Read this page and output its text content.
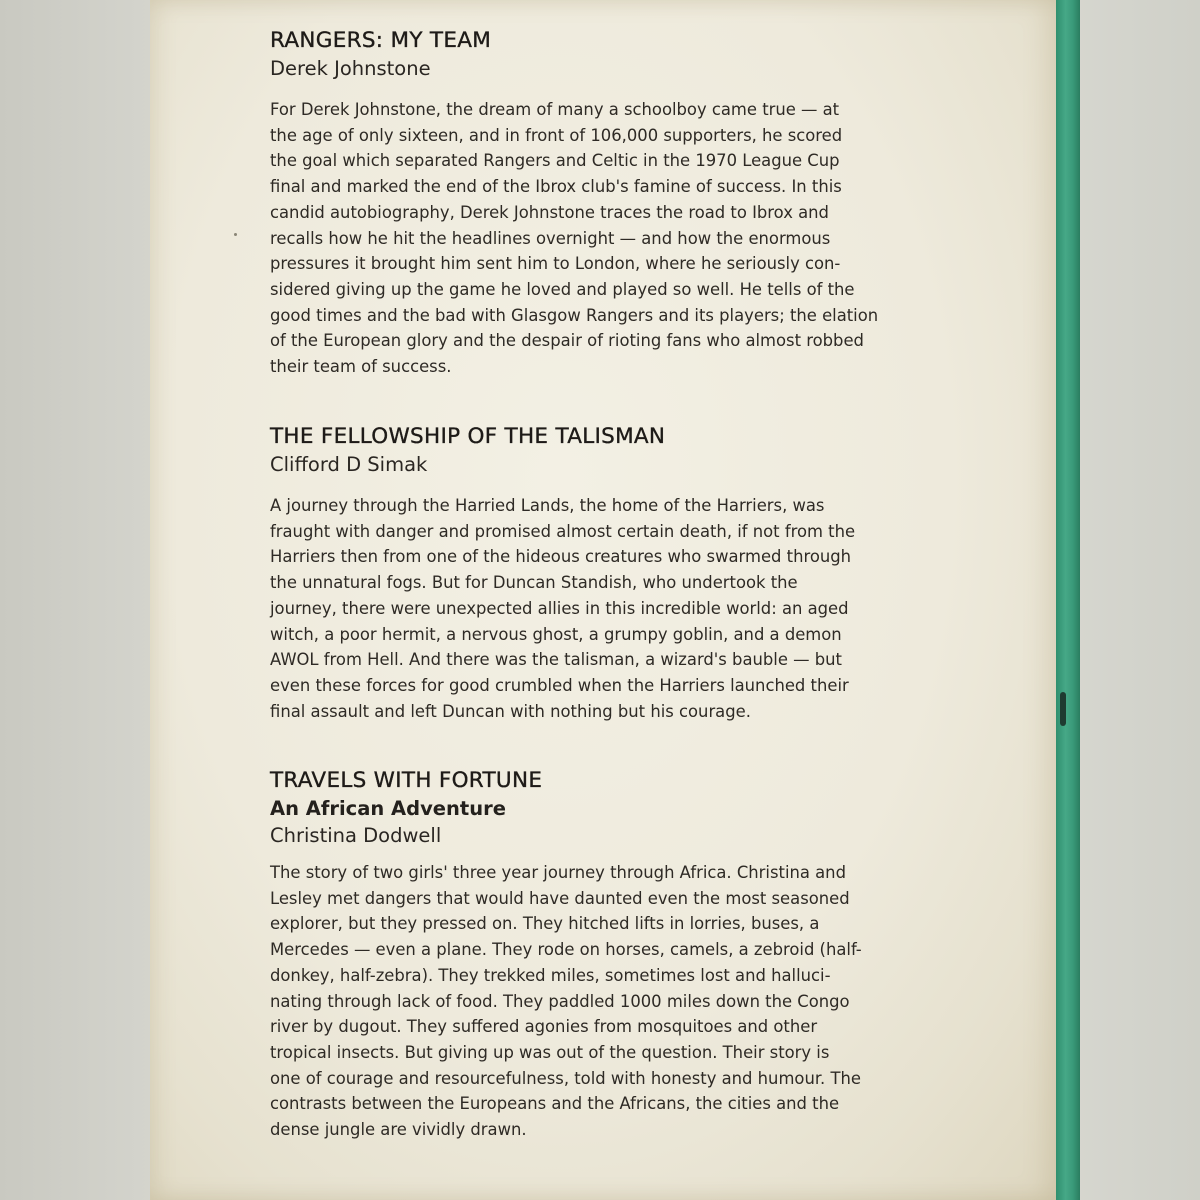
RANGERS: MY TEAM

Derek Johnstone

For Derek Johnstone, the dream of many a schoolboy came true — at
the age of only sixteen, and in front of 106,000 supporters, he scored
the goal which separated Rangers and Celtic in the 1970 League Cup
final and marked the end of the Ibrox club's famine of success. In this
candid autobiography, Derek Johnstone traces the road to Ibrox and
recalls how he hit the headlines overnight — and how the enormous
pressures it brought him sent him to London, where he seriously con-
sidered giving up the game he loved and played so well. He tells of the
good times and the bad with Glasgow Rangers and its players; the elation
of the European glory and the despair of rioting fans who almost robbed
their team of success.

THE FELLOWSHIP OF THE TALISMAN

Clifford D Simak

A journey through the Harried Lands, the home of the Harriers, was
fraught with danger and promised almost certain death, if not from the
Harriers then from one of the hideous creatures who swarmed through
the unnatural fogs. But for Duncan Standish, who undertook the
journey, there were unexpected allies in this incredible world: an aged
witch, a poor hermit, a nervous ghost, a grumpy goblin, and a demon
AWOL from Hell. And there was the talisman, a wizard's bauble — but
even these forces for good crumbled when the Harriers launched their
final assault and left Duncan with nothing but his courage.

TRAVELS WITH FORTUNE

An African Adventure

Christina Dodwell

The story of two girls' three year journey through Africa. Christina and
Lesley met dangers that would have daunted even the most seasoned
explorer, but they pressed on. They hitched lifts in lorries, buses, a
Mercedes — even a plane. They rode on horses, camels, a zebroid (half-
donkey, half-zebra). They trekked miles, sometimes lost and halluci-
nating through lack of food. They paddled 1000 miles down the Congo
river by dugout. They suffered agonies from mosquitoes and other
tropical insects. But giving up was out of the question. Their story is
one of courage and resourcefulness, told with honesty and humour. The
contrasts between the Europeans and the Africans, the cities and the
dense jungle are vividly drawn.
